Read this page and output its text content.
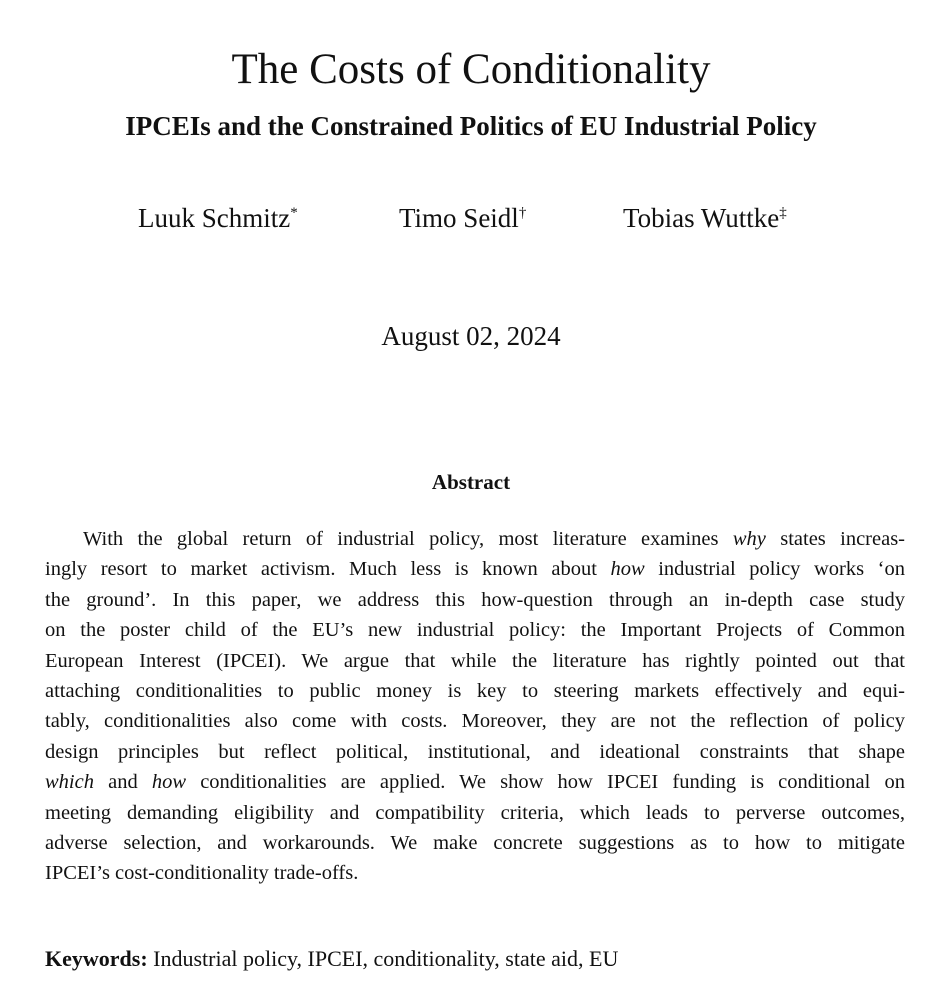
The Costs of Conditionality
IPCEIs and the Constrained Politics of EU Industrial Policy
Luuk Schmitz*	Timo Seidl†	Tobias Wuttke‡
August 02, 2024
Abstract
With the global return of industrial policy, most literature examines why states increas-
ingly resort to market activism. Much less is known about how industrial policy works ‘on
the ground’. In this paper, we address this how-question through an in-depth case study
on the poster child of the EU’s new industrial policy: the Important Projects of Common
European Interest (IPCEI). We argue that while the literature has rightly pointed out that
attaching conditionalities to public money is key to steering markets effectively and equi-
tably, conditionalities also come with costs. Moreover, they are not the reflection of policy
design principles but reflect political, institutional, and ideational constraints that shape
which and how conditionalities are applied. We show how IPCEI funding is conditional on
meeting demanding eligibility and compatibility criteria, which leads to perverse outcomes,
adverse selection, and workarounds. We make concrete suggestions as to how to mitigate
IPCEI’s cost-conditionality trade-offs.
Keywords: Industrial policy, IPCEI, conditionality, state aid, EU
